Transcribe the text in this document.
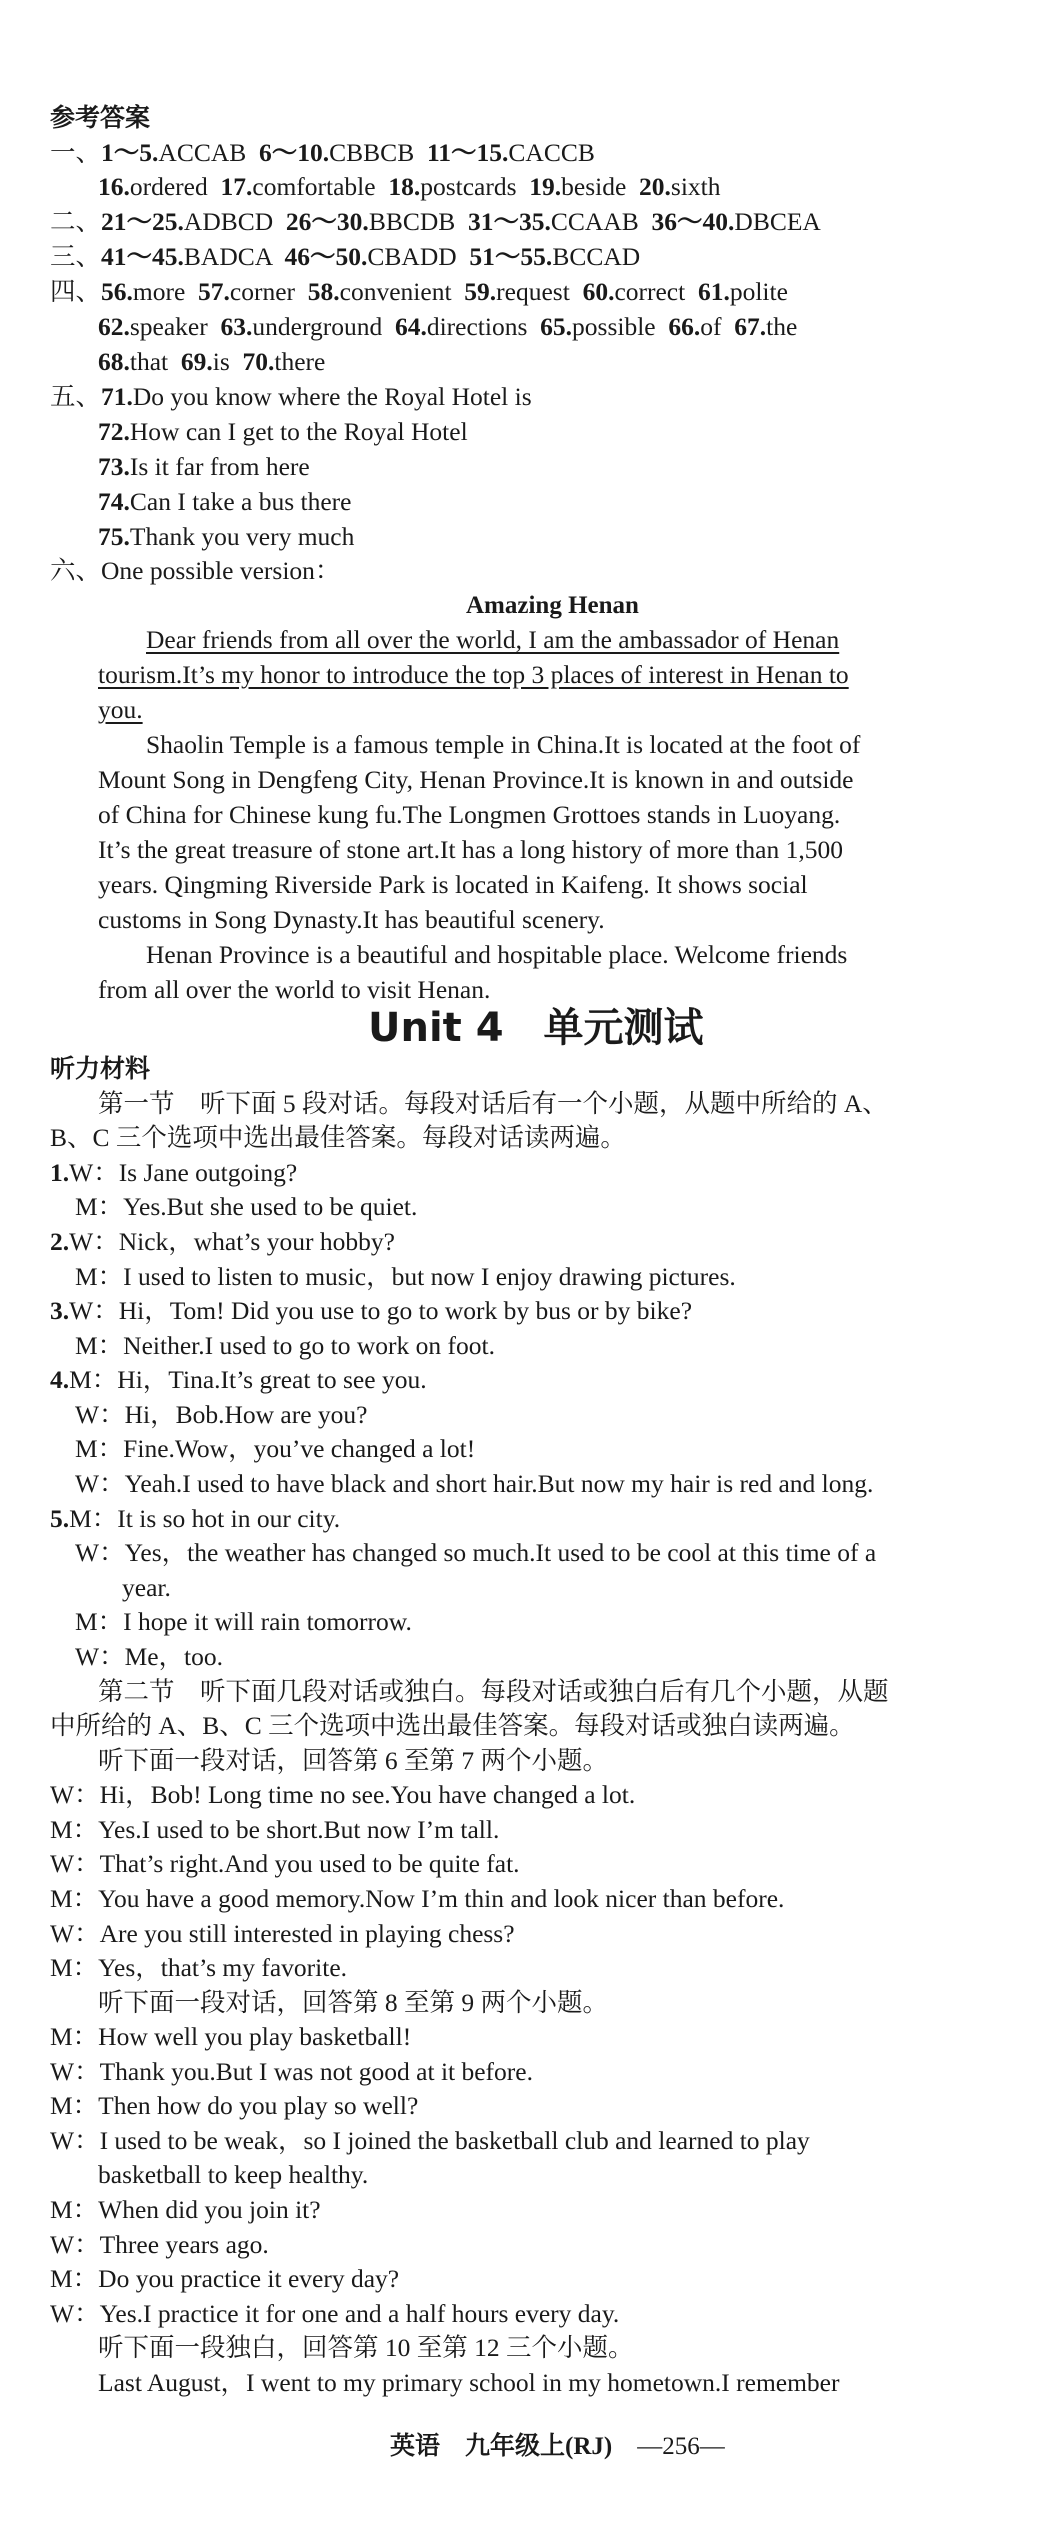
参考答案
一、1～5.ACCAB  6～10.CBBCB  11～15.CACCB
16.ordered  17.comfortable  18.postcards  19.beside  20.sixth
二、21～25.ADBCD  26～30.BBCDB  31～35.CCAAB  36～40.DBCEA
三、41～45.BADCA  46～50.CBADD  51～55.BCCAD
四、56.more  57.corner  58.convenient  59.request  60.correct  61.polite
62.speaker  63.underground  64.directions  65.possible  66.of  67.the
68.that  69.is  70.there
五、71.Do you know where the Royal Hotel is
72.How can I get to the Royal Hotel
73.Is it far from here
74.Can I take a bus there
75.Thank you very much
六、One possible version：
Amazing Henan
Dear friends from all over the world, I am the ambassador of Henan
tourism.It’s my honor to introduce the top 3 places of interest in Henan to
you.
Shaolin Temple is a famous temple in China.It is located at the foot of
Mount Song in Dengfeng City, Henan Province.It is known in and outside
of China for Chinese kung fu.The Longmen Grottoes stands in Luoyang.
It’s the great treasure of stone art.It has a long history of more than 1,500
years. Qingming Riverside Park is located in Kaifeng. It shows social
customs in Song Dynasty.It has beautiful scenery.
Henan Province is a beautiful and hospitable place. Welcome friends
from all over the world to visit Henan.
Unit 4　单元测试
听力材料
第一节　听下面 5 段对话。每段对话后有一个小题，从题中所给的 A、
B、C 三个选项中选出最佳答案。每段对话读两遍。
1.W：Is Jane outgoing?
M：Yes.But she used to be quiet.
2.W：Nick，what’s your hobby?
M：I used to listen to music，but now I enjoy drawing pictures.
3.W：Hi，Tom! Did you use to go to work by bus or by bike?
M：Neither.I used to go to work on foot.
4.M：Hi，Tina.It’s great to see you.
W：Hi，Bob.How are you?
M：Fine.Wow，you’ve changed a lot!
W：Yeah.I used to have black and short hair.But now my hair is red and long.
5.M：It is so hot in our city.
W：Yes，the weather has changed so much.It used to be cool at this time of a
year.
M：I hope it will rain tomorrow.
W：Me，too.
第二节　听下面几段对话或独白。每段对话或独白后有几个小题，从题
中所给的 A、B、C 三个选项中选出最佳答案。每段对话或独白读两遍。
听下面一段对话，回答第 6 至第 7 两个小题。
W：Hi，Bob! Long time no see.You have changed a lot.
M：Yes.I used to be short.But now I’m tall.
W：That’s right.And you used to be quite fat.
M：You have a good memory.Now I’m thin and look nicer than before.
W：Are you still interested in playing chess?
M：Yes，that’s my favorite.
听下面一段对话，回答第 8 至第 9 两个小题。
M：How well you play basketball!
W：Thank you.But I was not good at it before.
M：Then how do you play so well?
W：I used to be weak，so I joined the basketball club and learned to play
basketball to keep healthy.
M：When did you join it?
W：Three years ago.
M：Do you practice it every day?
W：Yes.I practice it for one and a half hours every day.
听下面一段独白，回答第 10 至第 12 三个小题。
Last August，I went to my primary school in my hometown.I remember
英语　九年级上(RJ)　 —256—
